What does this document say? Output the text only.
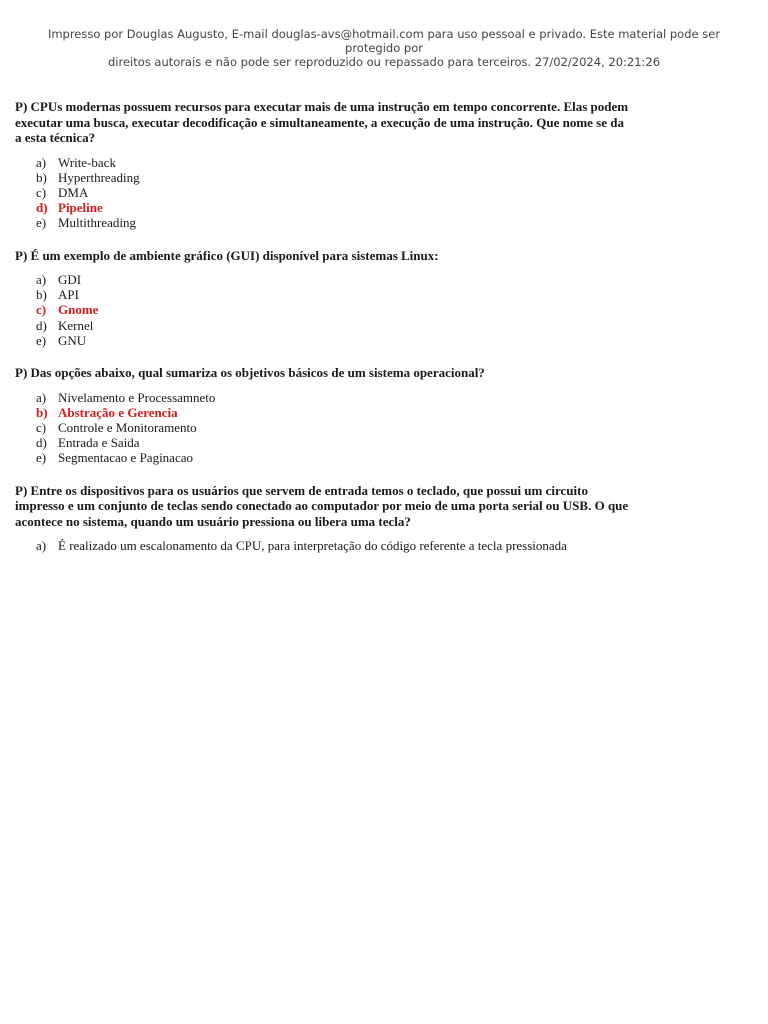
Impresso por Douglas Augusto, E-mail douglas-avs@hotmail.com para uso pessoal e privado. Este material pode ser protegido por
direitos autorais e não pode ser reproduzido ou repassado para terceiros. 27/02/2024, 20:21:26
P) CPUs modernas possuem recursos para executar mais de uma instrução em tempo concorrente. Elas podem
executar uma busca, executar decodificação e simultaneamente, a execução de uma instrução. Que nome se da
a esta técnica?
a) Write-back
b) Hyperthreading
c) DMA
d) Pipeline
e) Multithreading
P) É um exemplo de ambiente gráfico (GUI) disponível para sistemas Linux:
a) GDI
b) API
c) Gnome
d) Kernel
e) GNU
P) Das opções abaixo, qual sumariza os objetivos básicos de um sistema operacional?
a) Nivelamento e Processamneto
b) Abstração e Gerencia
c) Controle e Monitoramento
d) Entrada e Saida
e) Segmentacao e Paginacao
P) Entre os dispositivos para os usuários que servem de entrada temos o teclado, que possui um circuito
impresso e um conjunto de teclas sendo conectado ao computador por meio de uma porta serial ou USB. O que
acontece no sistema, quando um usuário pressiona ou libera uma tecla?
a) É realizado um escalonamento da CPU, para interpretação do código referente a tecla pressionada
